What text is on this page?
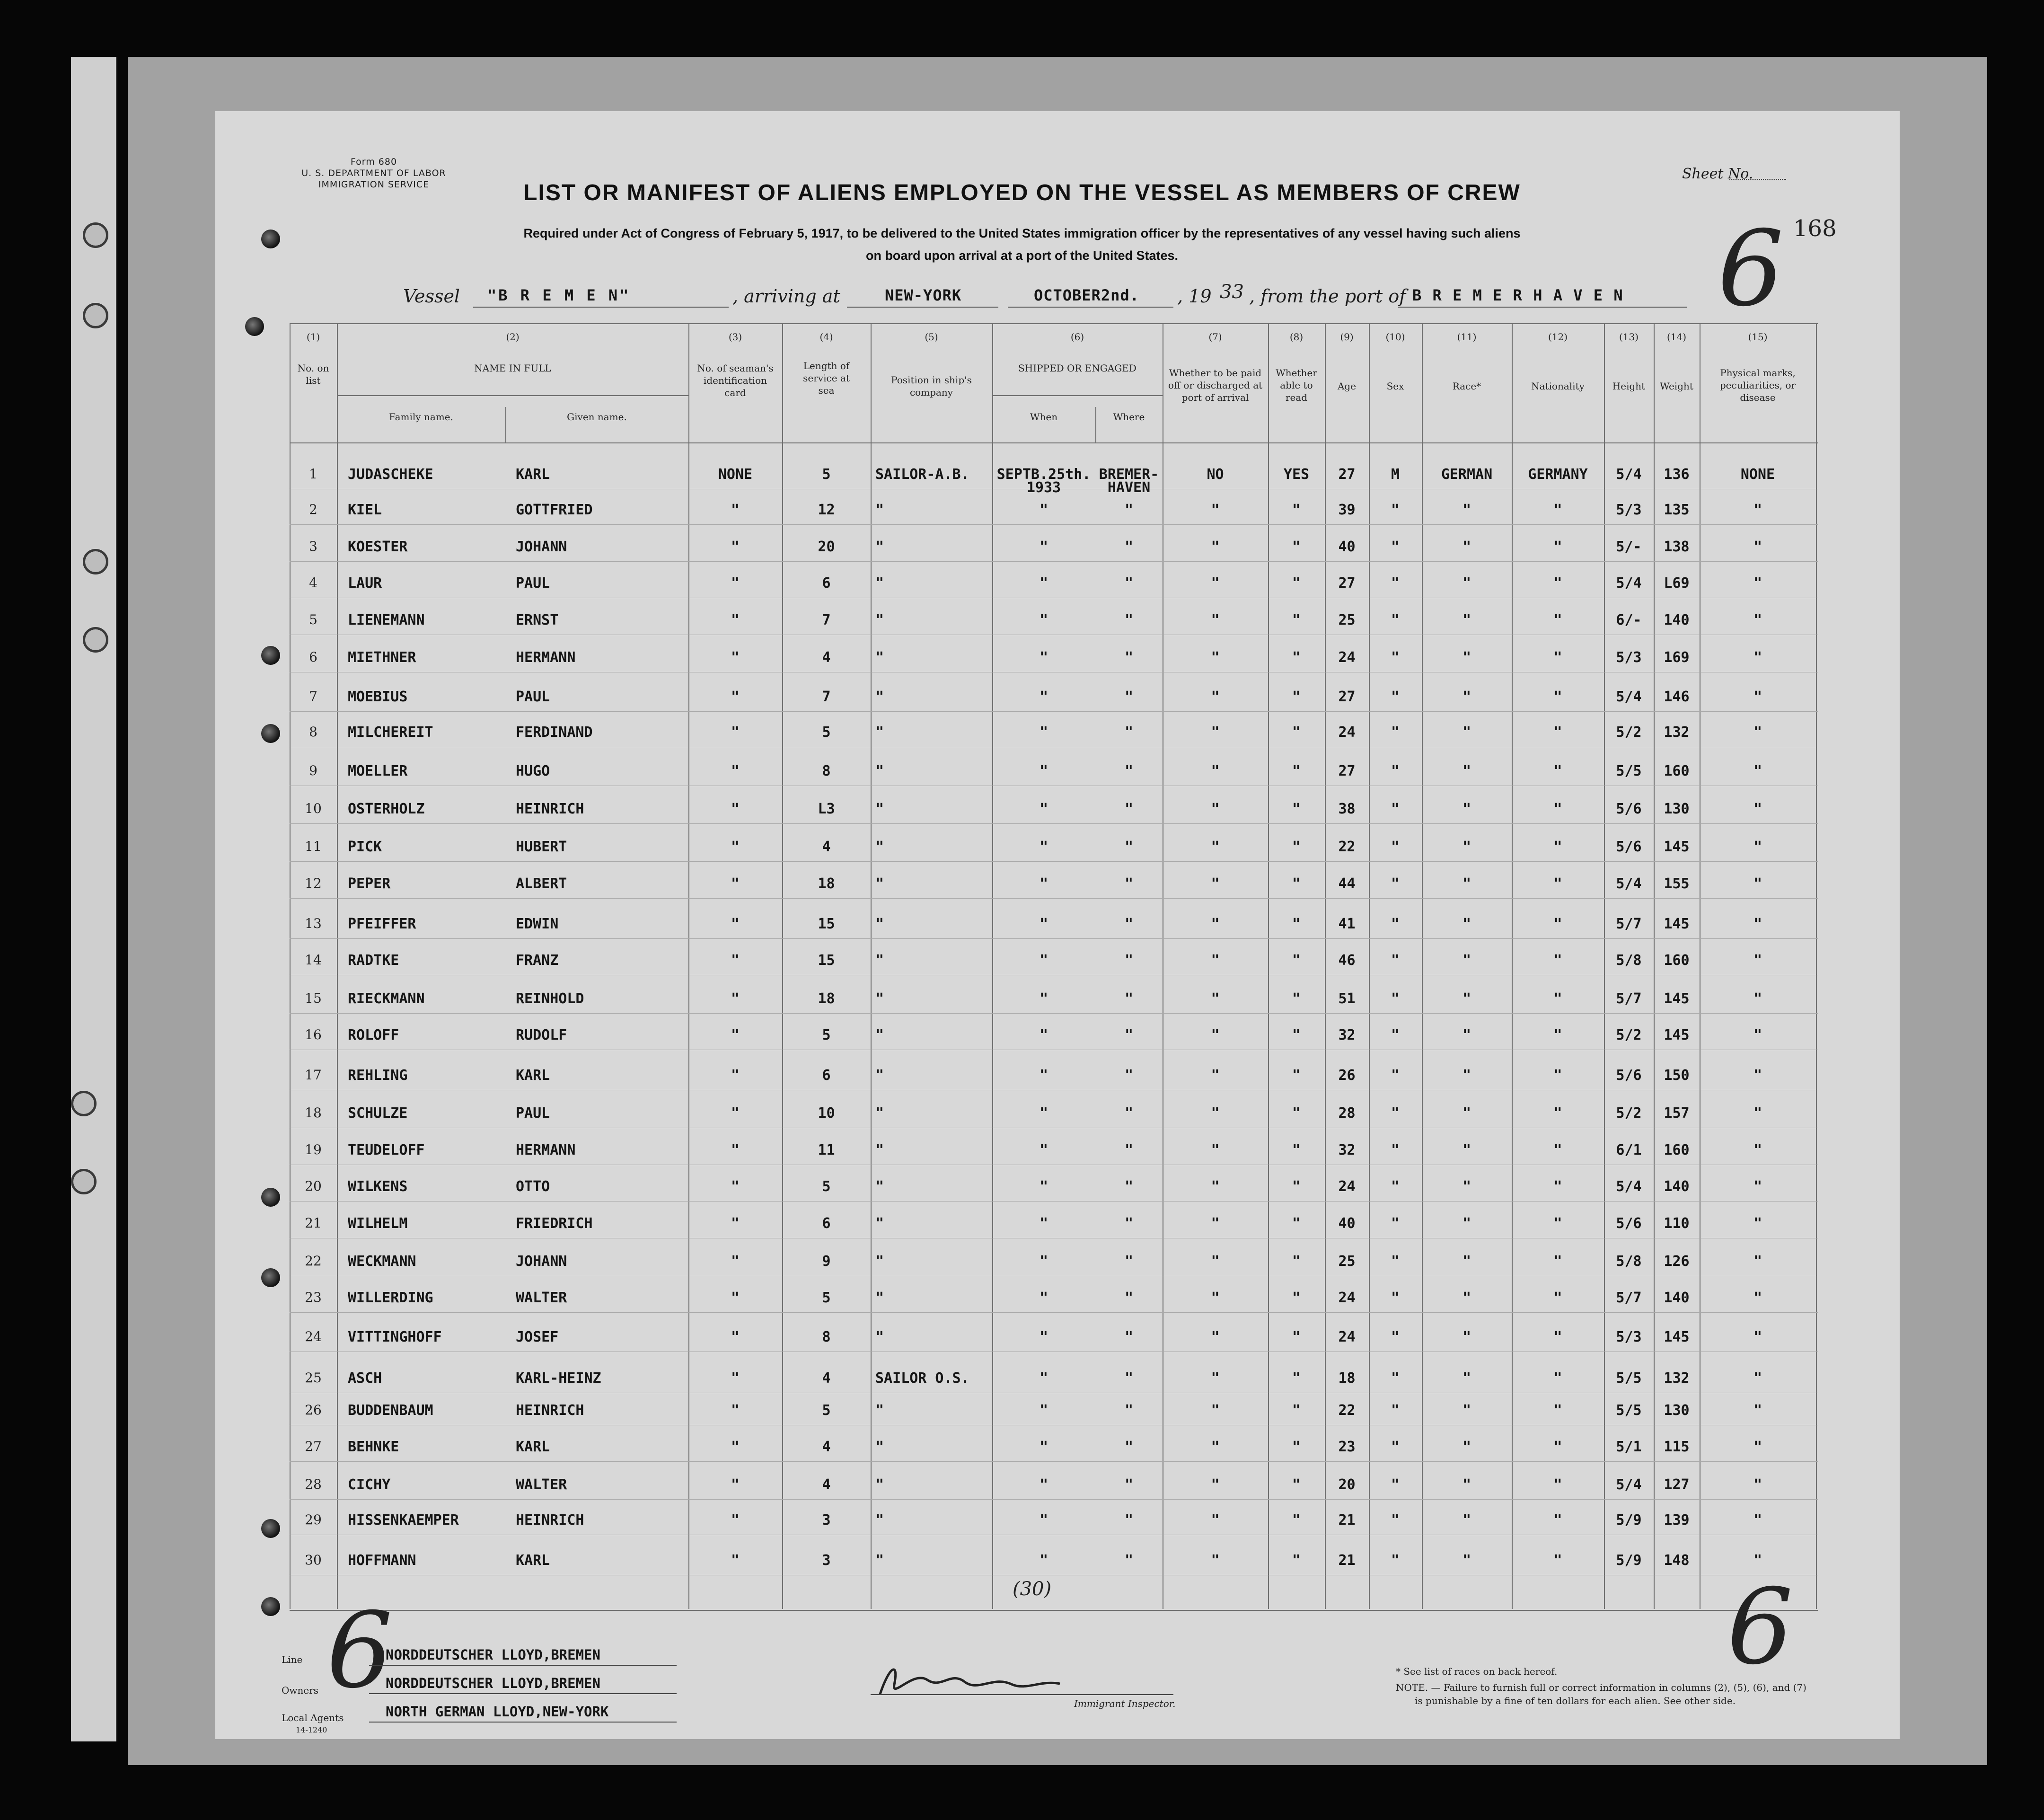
Form 680
U. S. DEPARTMENT OF LABOR
IMMIGRATION SERVICE	LIST OR MANIFEST OF ALIENS EMPLOYED ON THE VESSEL AS MEMBERS OF CREW
Required under Act of Congress of February 5, 1917, to be delivered to the United States immigration officer by the representatives of any vessel having such aliens
on board upon arrival at a port of the United States.
Sheet No.
168
6
Vessel "B R E M E N"	, arriving at	NEW-YORK	OCTOBER2nd. , 19 33 , from the port of B R E M E R H A V E N
(1)	(2)	(3)	(4)	(5)	(6)	(7)	(8)	(9)	(10)	(11)	(12)	(13)	(14)	(15)
No. on list
NAME IN FULL
Family name.	Given name.
No. of seaman's identification card
Length of service at sea
Position in ship's company
SHIPPED OR ENGAGED
When	Where
Whether to be paid off or discharged at port of arrival
Whether able to read
Age	Sex	Race*	Nationality	Height	Weight
Physical marks, peculiarities, or disease
1	JUDASCHEKE	KARL	NONE	5	SAILOR-A.B.	SEPTB.25th. BREMER-	NO	YES	27	M	GERMAN	GERMANY	5/4	136	NONE
1933	HAVEN
2	KIEL	GOTTFRIED	"	12	"	"	"	"	"	39	"	"	"	5/3	135	"
3	KOESTER	JOHANN	"	20	"	"	"	"	"	40	"	"	"	5/-	138	"
4	LAUR	PAUL	"	6	"	"	"	"	"	27	"	"	"	5/4	L69	"
5	LIENEMANN	ERNST	"	7	"	"	"	"	"	25	"	"	"	6/-	140	"
6	MIETHNER	HERMANN	"	4	"	"	"	"	"	24	"	"	"	5/3	169	"
7	MOEBIUS	PAUL	"	7	"	"	"	"	"	27	"	"	"	5/4	146	"
8	MILCHEREIT	FERDINAND	"	5	"	"	"	"	"	24	"	"	"	5/2	132	"
9	MOELLER	HUGO	"	8	"	"	"	"	"	27	"	"	"	5/5	160	"
10	OSTERHOLZ	HEINRICH	"	L3	"	"	"	"	"	38	"	"	"	5/6	130	"
11	PICK	HUBERT	"	4	"	"	"	"	"	22	"	"	"	5/6	145	"
12	PEPER	ALBERT	"	18	"	"	"	"	"	44	"	"	"	5/4	155	"
13	PFEIFFER	EDWIN	"	15	"	"	"	"	"	41	"	"	"	5/7	145	"
14	RADTKE	FRANZ	"	15	"	"	"	"	"	46	"	"	"	5/8	160	"
15	RIECKMANN	REINHOLD	"	18	"	"	"	"	"	51	"	"	"	5/7	145	"
16	ROLOFF	RUDOLF	"	5	"	"	"	"	"	32	"	"	"	5/2	145	"
17	REHLING	KARL	"	6	"	"	"	"	"	26	"	"	"	5/6	150	"
18	SCHULZE	PAUL	"	10	"	"	"	"	"	28	"	"	"	5/2	157	"
19	TEUDELOFF	HERMANN	"	11	"	"	"	"	"	32	"	"	"	6/1	160	"
20	WILKENS	OTTO	"	5	"	"	"	"	"	24	"	"	"	5/4	140	"
21	WILHELM	FRIEDRICH	"	6	"	"	"	"	"	40	"	"	"	5/6	110	"
22	WECKMANN	JOHANN	"	9	"	"	"	"	"	25	"	"	"	5/8	126	"
23	WILLERDING	WALTER	"	5	"	"	"	"	"	24	"	"	"	5/7	140	"
24	VITTINGHOFF	JOSEF	"	8	"	"	"	"	"	24	"	"	"	5/3	145	"
25	ASCH	KARL-HEINZ	"	4	SAILOR O.S.	"	"	"	"	18	"	"	"	5/5	132	"
26	BUDDENBAUM	HEINRICH	"	5	"	"	"	"	"	22	"	"	"	5/5	130	"
27	BEHNKE	KARL	"	4	"	"	"	"	"	23	"	"	"	5/1	115	"
28	CICHY	WALTER	"	4	"	"	"	"	"	20	"	"	"	5/4	127	"
29	HISSENKAEMPER	HEINRICH	"	3	"	"	"	"	"	21	"	"	"	5/9	139	"
30	HOFFMANN	KARL	"	3	"	"	"	"	"	21	"	"	"	5/9	148	"
(30)
6	6
Line	NORDDEUTSCHER LLOYD,BREMEN
Owners	NORDDEUTSCHER LLOYD,BREMEN
Local Agents	NORTH GERMAN LLOYD,NEW-YORK
14-1240
Immigrant Inspector.
* See list of races on back hereof.
NOTE. — Failure to furnish full or correct information in columns (2), (5), (6), and (7)
is punishable by a fine of ten dollars for each alien. See other side.
